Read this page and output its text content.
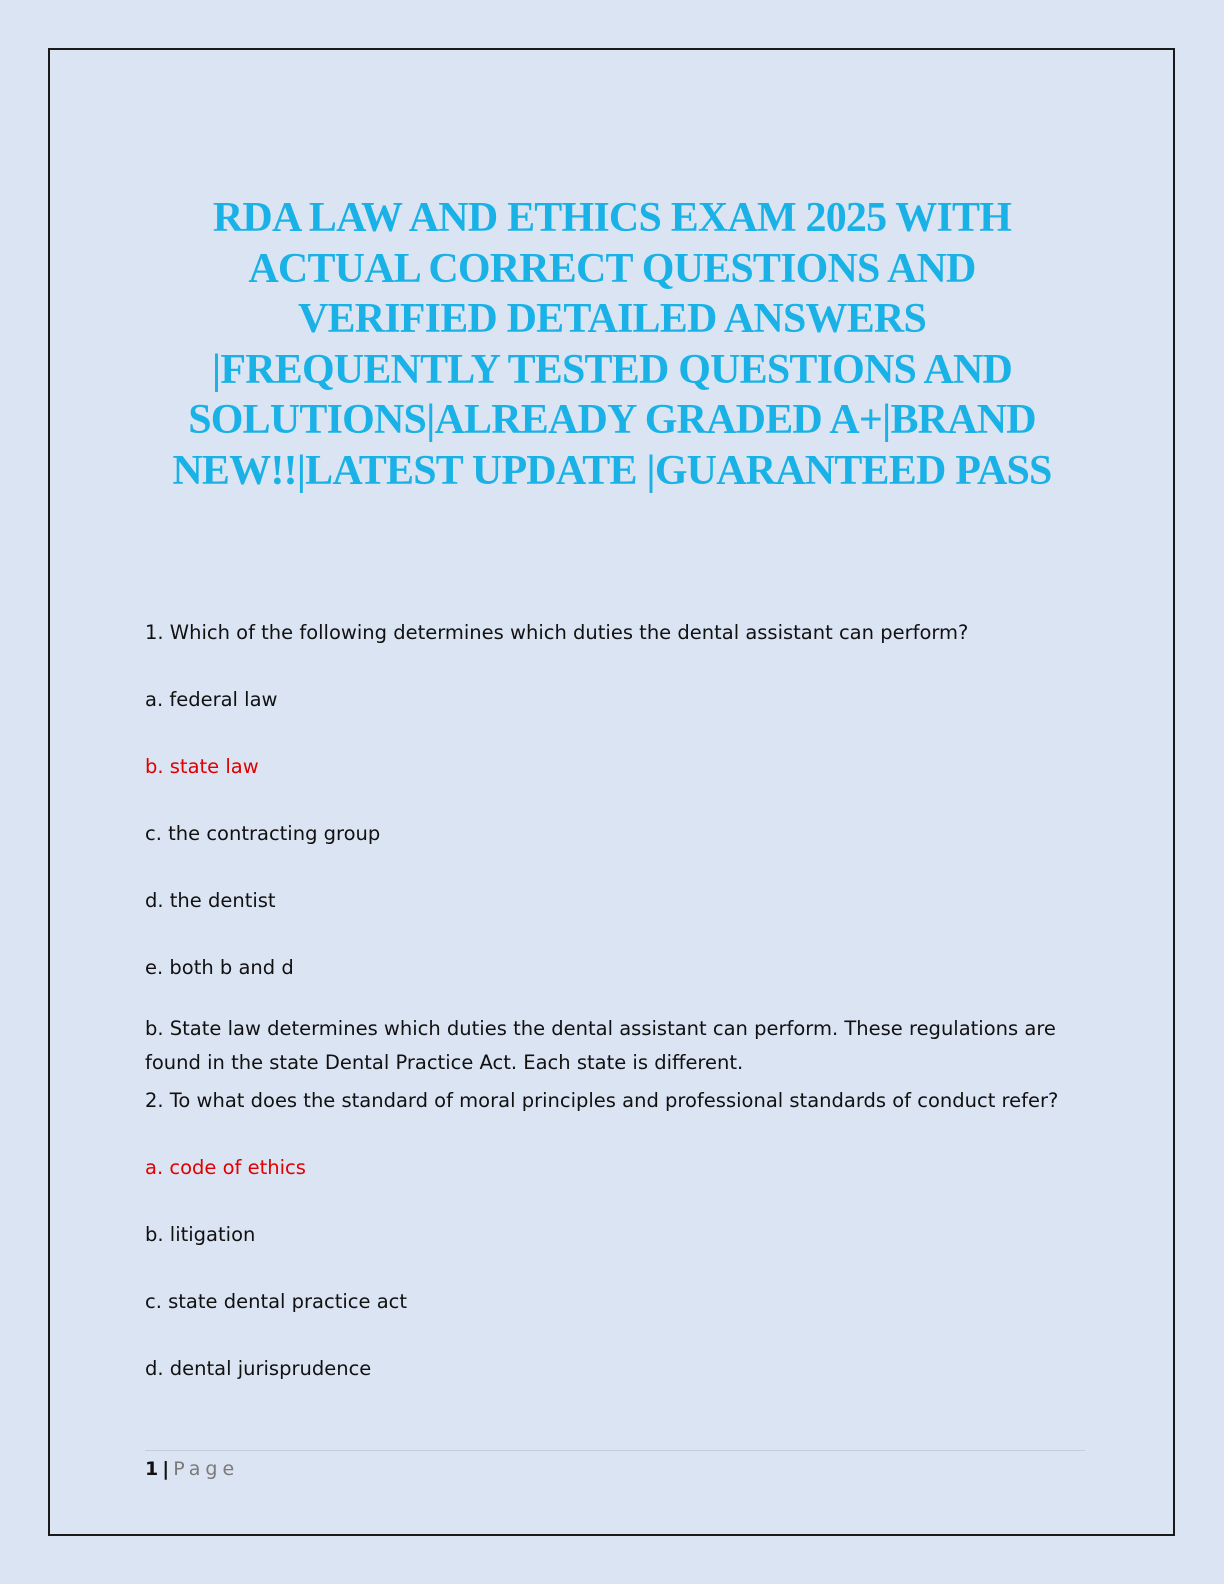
RDA LAW AND ETHICS EXAM 2025 WITH ACTUAL CORRECT QUESTIONS AND VERIFIED DETAILED ANSWERS |FREQUENTLY TESTED QUESTIONS AND SOLUTIONS|ALREADY GRADED A+|BRAND NEW!!|LATEST UPDATE |GUARANTEED PASS

1. Which of the following determines which duties the dental assistant can perform?

a. federal law

b. state law

c. the contracting group

d. the dentist

e. both b and d

b. State law determines which duties the dental assistant can perform. These regulations are found in the state Dental Practice Act. Each state is different.

2. To what does the standard of moral principles and professional standards of conduct refer?

a. code of ethics

b. litigation

c. state dental practice act

d. dental jurisprudence

1 | Page
